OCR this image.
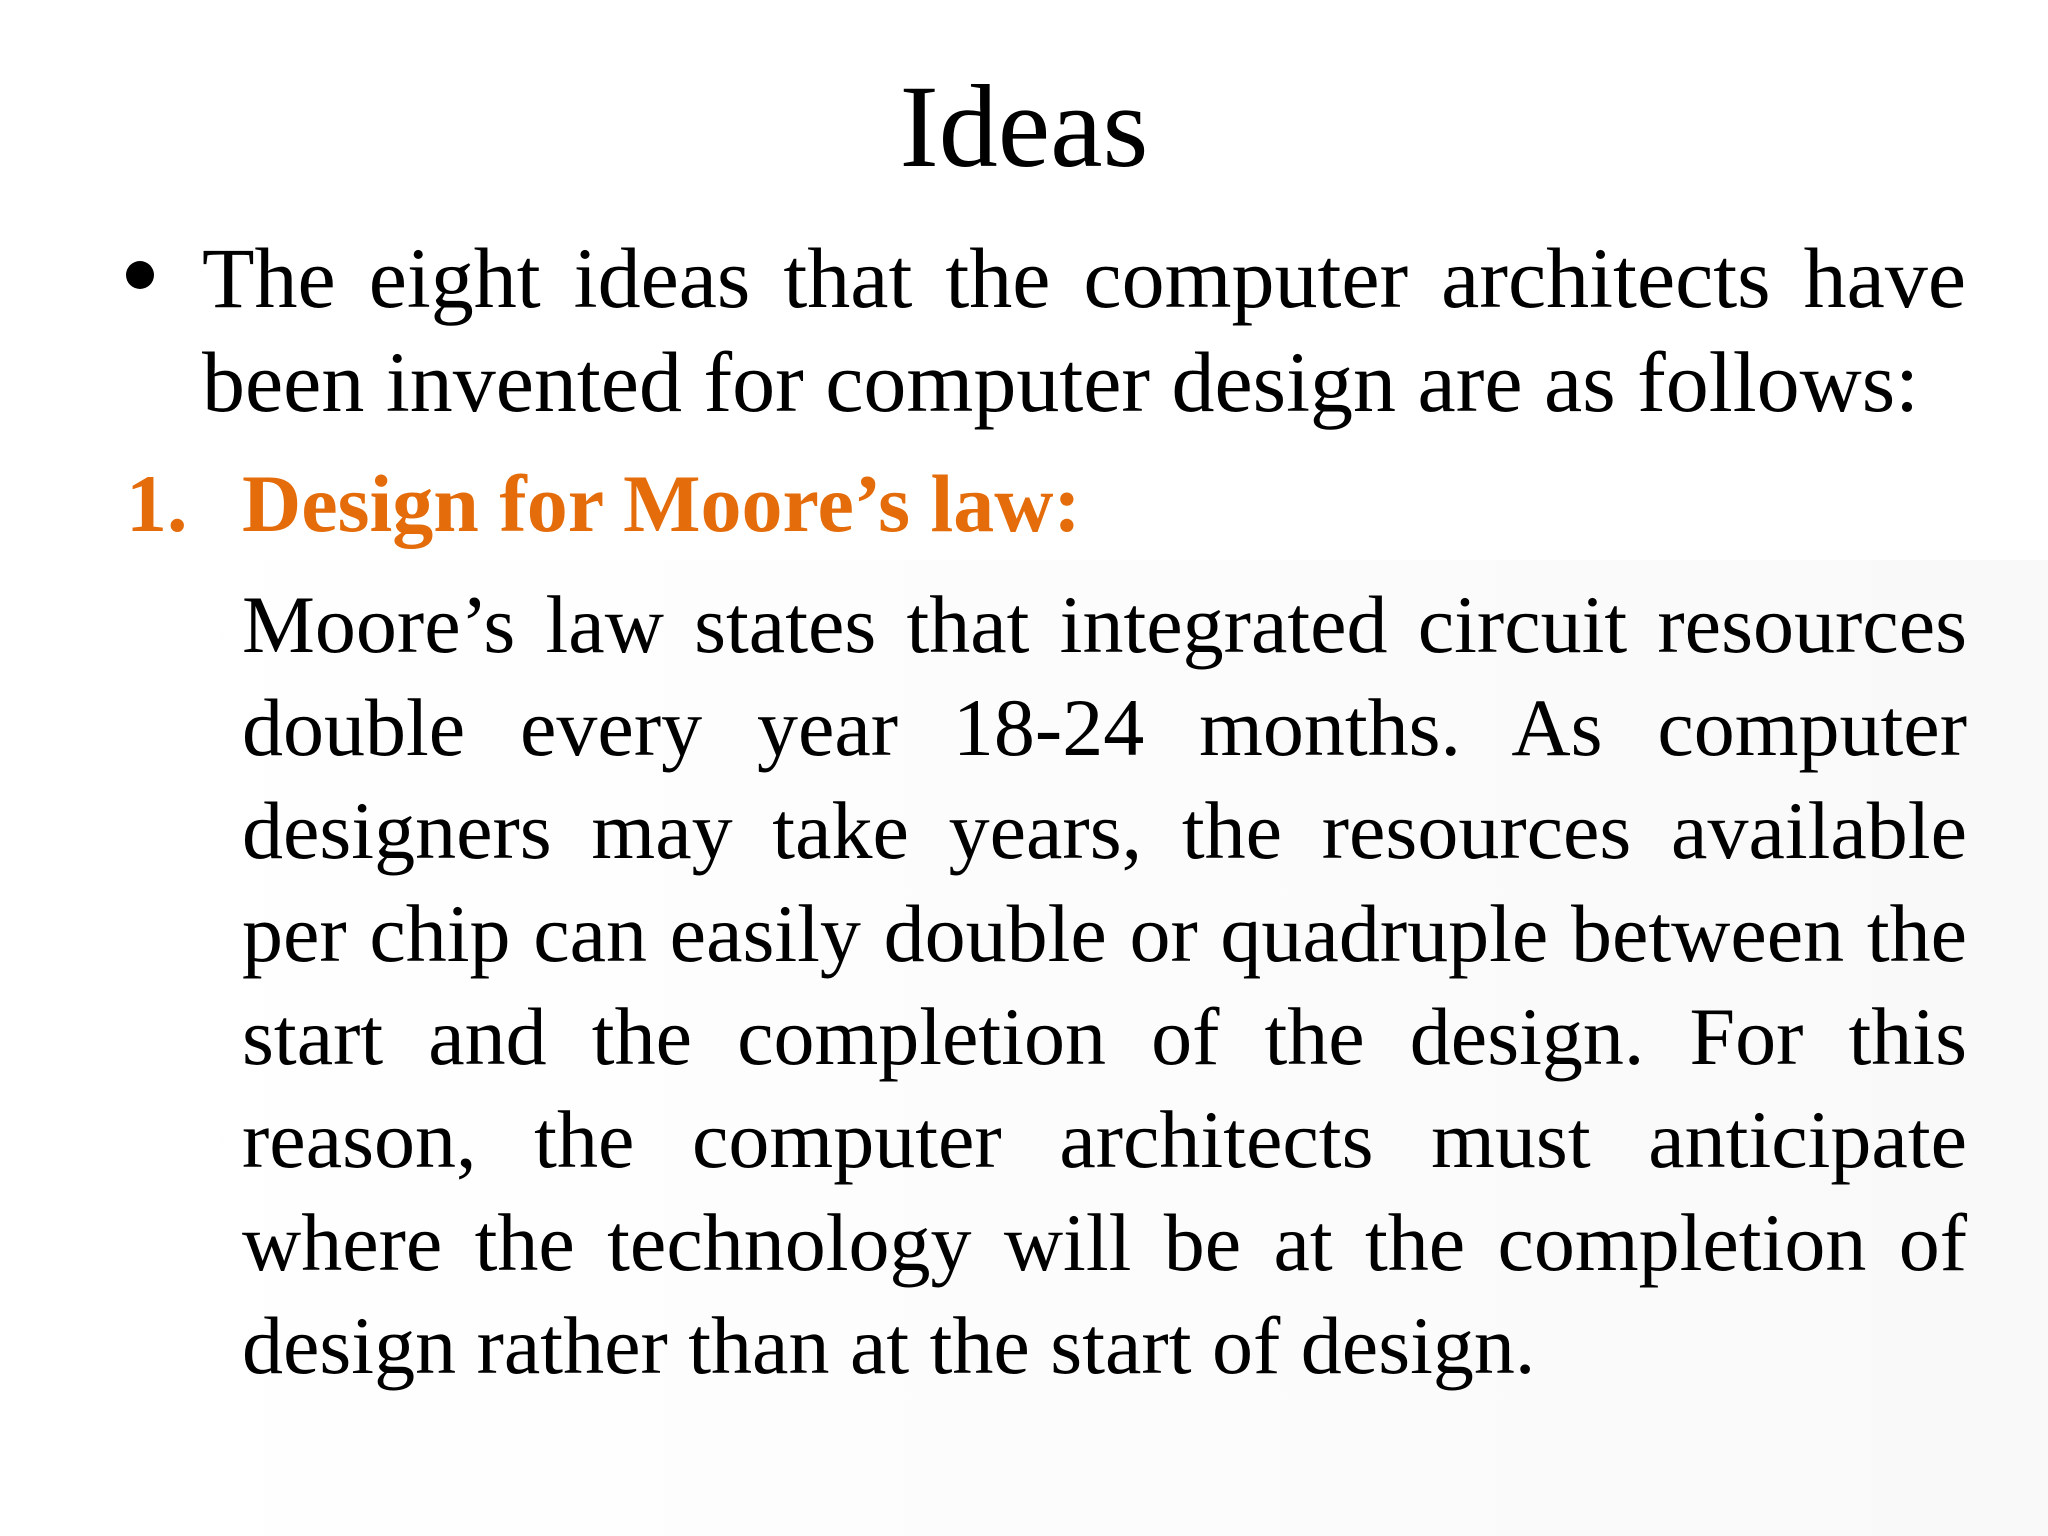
Ideas
The eight ideas that the computer architects have been invented for computer design are as follows:
1. Design for Moore’s law:
Moore’s law states that integrated circuit resources double every year 18-24 months. As computer designers may take years, the resources available per chip can easily double or quadruple between the start and the completion of the design. For this reason, the computer architects must anticipate where the technology will be at the completion of design rather than at the start of design.
